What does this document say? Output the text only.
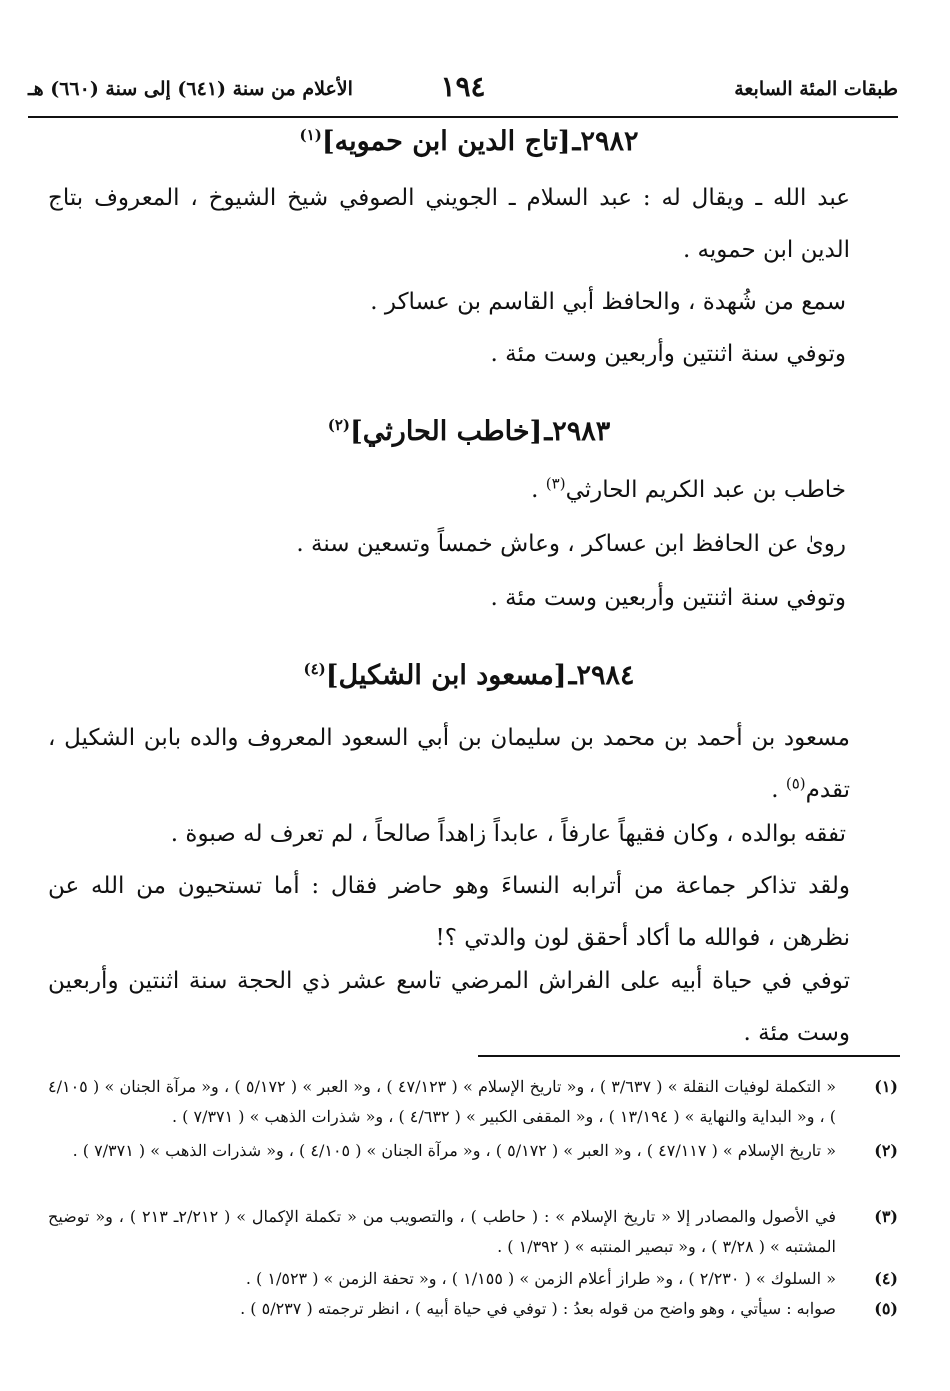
طبقات المئة السابعة
١٩٤
الأعلام من سنة (٦٤١) إلى سنة (٦٦٠) هـ
٢٩٨٢ـ[تاج الدين ابن حمويه]$^{(١)}$
عبد الله ـ ويقال له : عبد السلام ـ الجويني الصوفي شيخ الشيوخ ، المعروف بتاج الدين ابن حمويه .
سمع من شُهدة ، والحافظ أبي القاسم بن عساكر .
وتوفي سنة اثنتين وأربعين وست مئة .
٢٩٨٣ـ[خاطب الحارثي]$^{(٢)}$
خاطب بن عبد الكريم الحارثي$^{(٣)}$ .
روىٰ عن الحافظ ابن عساكر ، وعاش خمساً وتسعين سنة .
وتوفي سنة اثنتين وأربعين وست مئة .
٢٩٨٤ـ[مسعود ابن الشكيل]$^{(٤)}$
مسعود بن أحمد بن محمد بن سليمان بن أبي السعود المعروف والده بابن الشكيل ، تقدم$^{(٥)}$ .
تفقه بوالده ، وكان فقيهاً عارفاً ، عابداً زاهداً صالحاً ، لم تعرف له صبوة .
ولقد تذاكر جماعة من أترابه النساءَ وهو حاضر فقال : أما تستحيون من الله عن نظرهن ، فوالله ما أكاد أحقق لون والدتي ؟!
توفي في حياة أبيه على الفراش المرضي تاسع عشر ذي الحجة سنة اثنتين وأربعين وست مئة .
(١)
« التكملة لوفيات النقلة » ( ٣/٦٣٧ ) ، و« تاريخ الإسلام » ( ٤٧/١٢٣ ) ، و« العبر » ( ٥/١٧٢ ) ، و« مرآة الجنان » ( ٤/١٠٥ ) ، و« البداية والنهاية » ( ١٣/١٩٤ ) ، و« المقفى الكبير » ( ٤/٦٣٢ ) ، و« شذرات الذهب » ( ٧/٣٧١ ) .
(٢)
« تاريخ الإسلام » ( ٤٧/١١٧ ) ، و« العبر » ( ٥/١٧٢ ) ، و« مرآة الجنان » ( ٤/١٠٥ ) ، و« شذرات الذهب » ( ٧/٣٧١ ) .
(٣)
في الأصول والمصادر إلا « تاريخ الإسلام » : ( حاطب ) ، والتصويب من « تكملة الإكمال » ( ٢/٢١٢ـ ٢١٣ ) ، و« توضيح المشتبه » ( ٣/٢٨ ) ، و« تبصير المنتبه » ( ١/٣٩٢ ) .
(٤)
« السلوك » ( ٢/٢٣٠ ) ، و« طراز أعلام الزمن » ( ١/١٥٥ ) ، و« تحفة الزمن » ( ١/٥٢٣ ) .
(٥)
صوابه : سيأتي ، وهو واضح من قوله بعدُ : ( توفي في حياة أبيه ) ، انظر ترجمته ( ٥/٢٣٧ ) .
